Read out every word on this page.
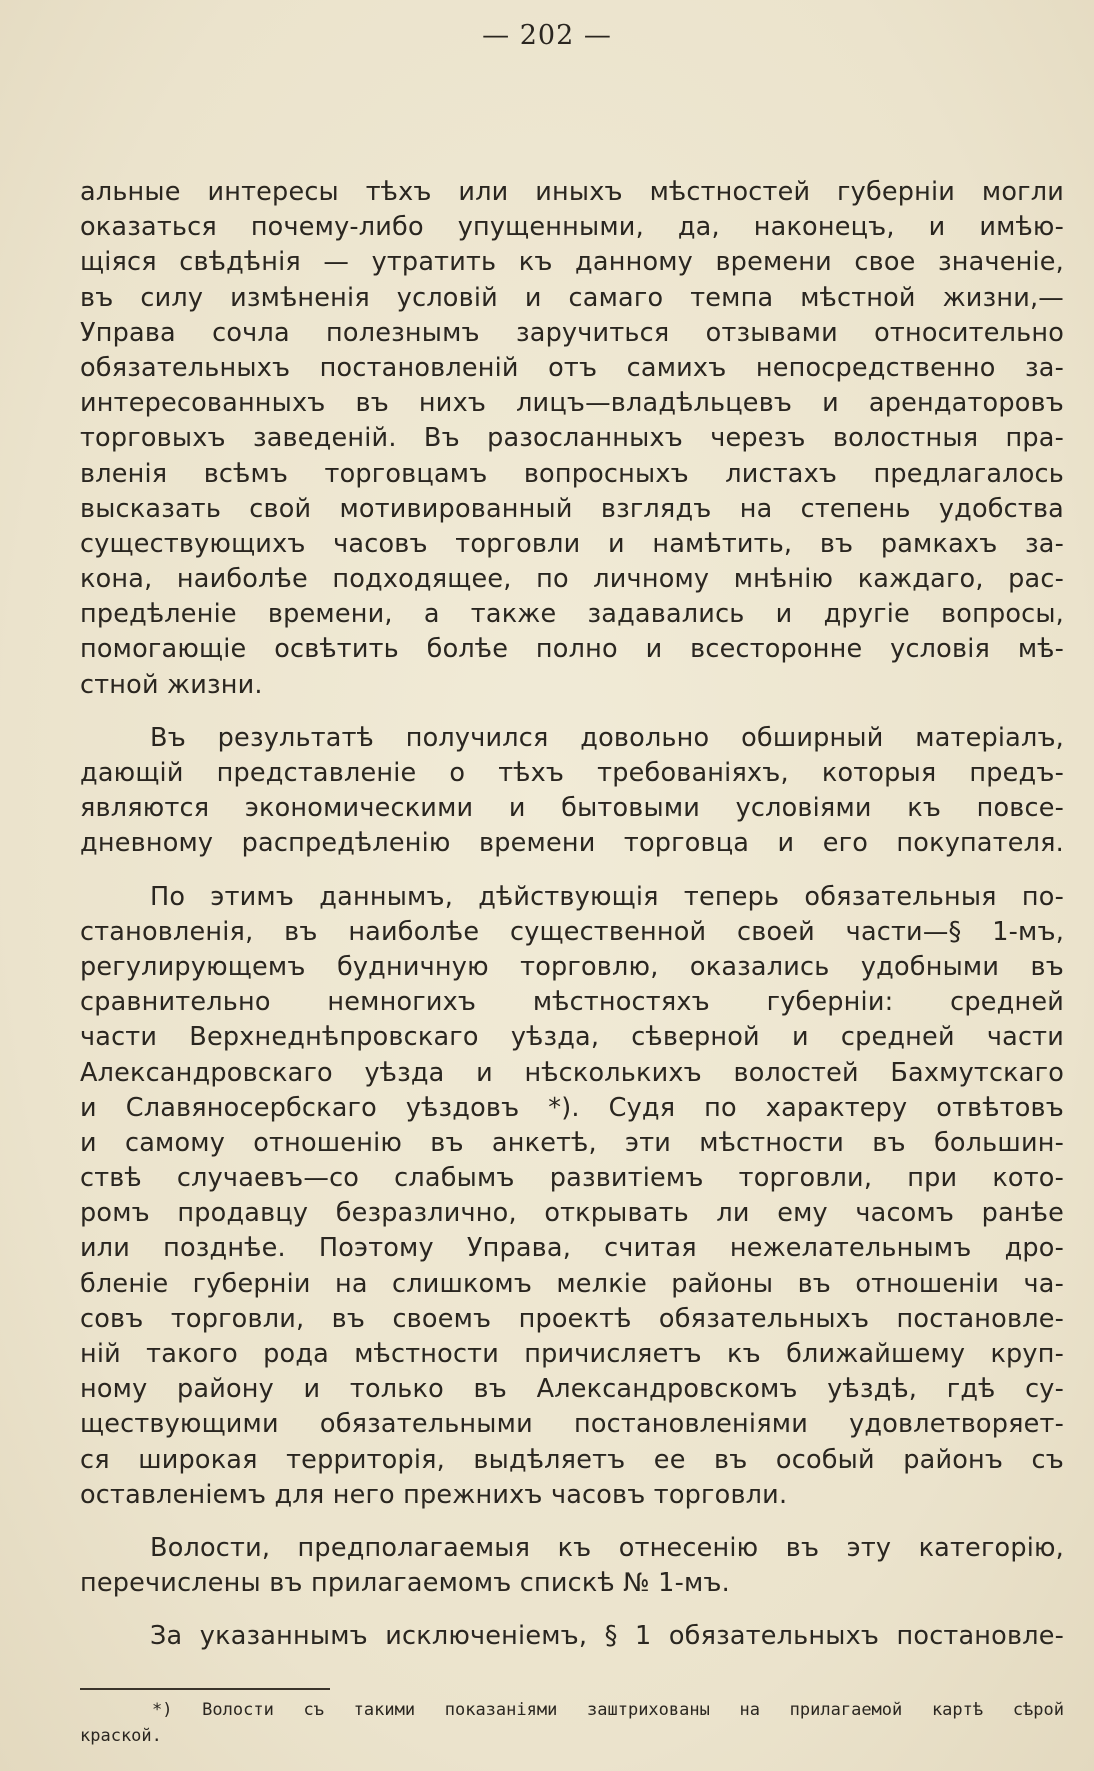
— 202 —
альные интересы тѣхъ или иныхъ мѣстностей губерніи могли
оказаться почему-либо упущенными, да, наконецъ, и имѣю-
щіяся свѣдѣнія — утратить къ данному времени свое значеніе,
въ силу измѣненія условій и самаго темпа мѣстной жизни,—
Управа сочла полезнымъ заручиться отзывами относительно
обязательныхъ постановленій отъ самихъ непосредственно за-
интересованныхъ въ нихъ лицъ—владѣльцевъ и арендаторовъ
торговыхъ заведеній. Въ разосланныхъ черезъ волостныя пра-
вленія всѣмъ торговцамъ вопросныхъ листахъ предлагалось
высказать свой мотивированный взглядъ на степень удобства
существующихъ часовъ торговли и намѣтить, въ рамкахъ за-
кона, наиболѣе подходящее, по личному мнѣнію каждаго, рас-
предѣленіе времени, а также задавались и другіе вопросы,
помогающіе освѣтить болѣе полно и всесторонне условія мѣ-
стной жизни.
Въ результатѣ получился довольно обширный матеріалъ,
дающій представленіе о тѣхъ требованіяхъ, которыя предъ-
являются экономическими и бытовыми условіями къ повсе-
дневному распредѣленію времени торговца и его покупателя.
По этимъ даннымъ, дѣйствующія теперь обязательныя по-
становленія, въ наиболѣе существенной своей части—§ 1-мъ,
регулирующемъ будничную торговлю, оказались удобными въ
сравнительно немногихъ мѣстностяхъ губерніи: средней
части Верхнеднѣпровскаго уѣзда, сѣверной и средней части
Александровскаго уѣзда и нѣсколькихъ волостей Бахмутскаго
и Славяносербскаго уѣздовъ *). Судя по характеру отвѣтовъ
и самому отношенію въ анкетѣ, эти мѣстности въ большин-
ствѣ случаевъ—со слабымъ развитіемъ торговли, при кото-
ромъ продавцу безразлично, открывать ли ему часомъ ранѣе
или позднѣе. Поэтому Управа, считая нежелательнымъ дро-
бленіе губерніи на слишкомъ мелкіе районы въ отношеніи ча-
совъ торговли, въ своемъ проектѣ обязательныхъ постановле-
ній такого рода мѣстности причисляетъ къ ближайшему круп-
ному району и только въ Александровскомъ уѣздѣ, гдѣ су-
ществующими обязательными постановленіями удовлетворяет-
ся широкая территорія, выдѣляетъ ее въ особый районъ съ
оставленіемъ для него прежнихъ часовъ торговли.
Волости, предполагаемыя къ отнесенію въ эту категорію,
перечислены въ прилагаемомъ спискѣ № 1-мъ.
За указаннымъ исключеніемъ, § 1 обязательныхъ постановле-
*) Волости съ такими показаніями заштрихованы на прилагаемой картѣ сѣрой
краской.
